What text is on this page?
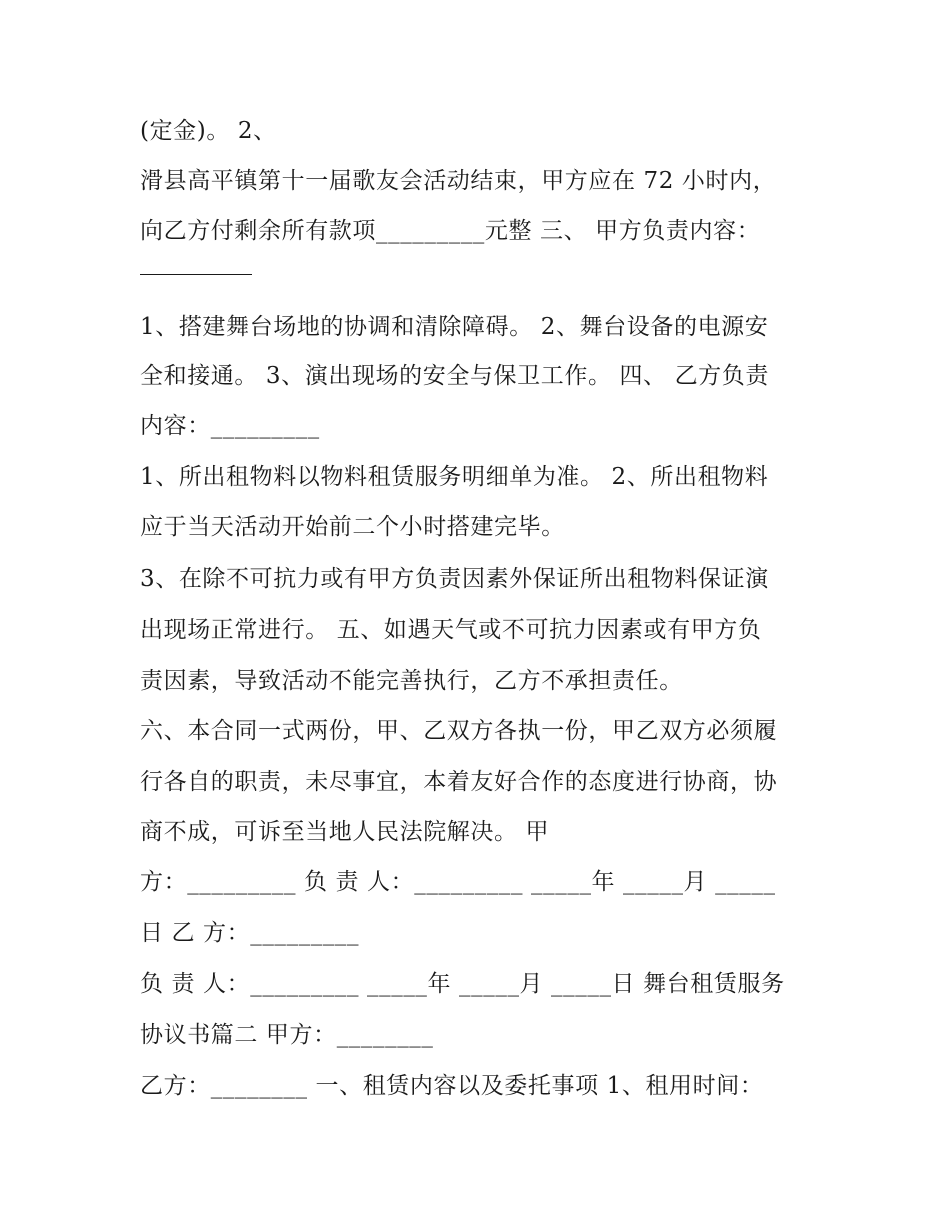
(定金)。 2、
滑县高平镇第十一届歌友会活动结束，甲方应在 72 小时内，
向乙方付剩余所有款项_________元整 三、 甲方负责内容：
1、搭建舞台场地的协调和清除障碍。 2、舞台设备的电源安
全和接通。 3、演出现场的安全与保卫工作。 四、 乙方负责
内容：_________
1、所出租物料以物料租赁服务明细单为准。 2、所出租物料
应于当天活动开始前二个小时搭建完毕。
3、在除不可抗力或有甲方负责因素外保证所出租物料保证演
出现场正常进行。 五、如遇天气或不可抗力因素或有甲方负
责因素，导致活动不能完善执行，乙方不承担责任。
六、本合同一式两份，甲、乙双方各执一份，甲乙双方必须履
行各自的职责，未尽事宜，本着友好合作的态度进行协商，协
商不成，可诉至当地人民法院解决。 甲
方：_________ 负 责 人：_________ _____年 _____月 _____
日 乙 方：_________
负 责 人：_________ _____年 _____月 _____日 舞台租赁服务
协议书篇二 甲方：________
乙方：________ 一、租赁内容以及委托事项 1、租用时间：
